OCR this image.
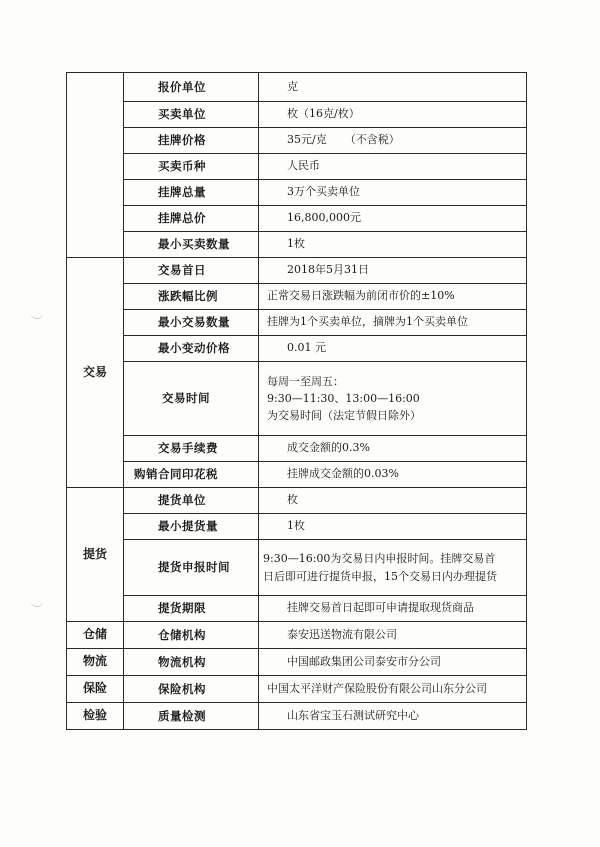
	报价单位	克
	买卖单位	枚（16克/枚）
	挂牌价格	35元/克 （不含税）
	买卖币种	人民币
	挂牌总量	3万个买卖单位
	挂牌总价	16,800,000元
	最小买卖数量	1枚
交易	交易首日	2018年5月31日
	涨跌幅比例	正常交易日涨跌幅为前闭市价的±10%
	最小交易数量	挂牌为1个买卖单位，摘牌为1个买卖单位
	最小变动价格	0.01 元
	交易时间	每周一至周五：
9:30—11:30、13:00—16:00
为交易时间（法定节假日除外）

	交易手续费	成交金额的0.3%
	购销合同印花税	挂牌成交金额的0.03%
提货	提货单位	枚
	最小提货量	1枚
	提货申报时间	9:30—16:00为交易日内申报时间。挂牌交易首
日后即可进行提货申报，15个交易日内办理提货

	提货期限	挂牌交易首日起即可申请提取现货商品
仓储	仓储机构	泰安迅送物流有限公司
物流	物流机构	中国邮政集团公司泰安市分公司
保险	保险机构	中国太平洋财产保险股份有限公司山东分公司
检验	质量检测	山东省宝玉石测试研究中心
